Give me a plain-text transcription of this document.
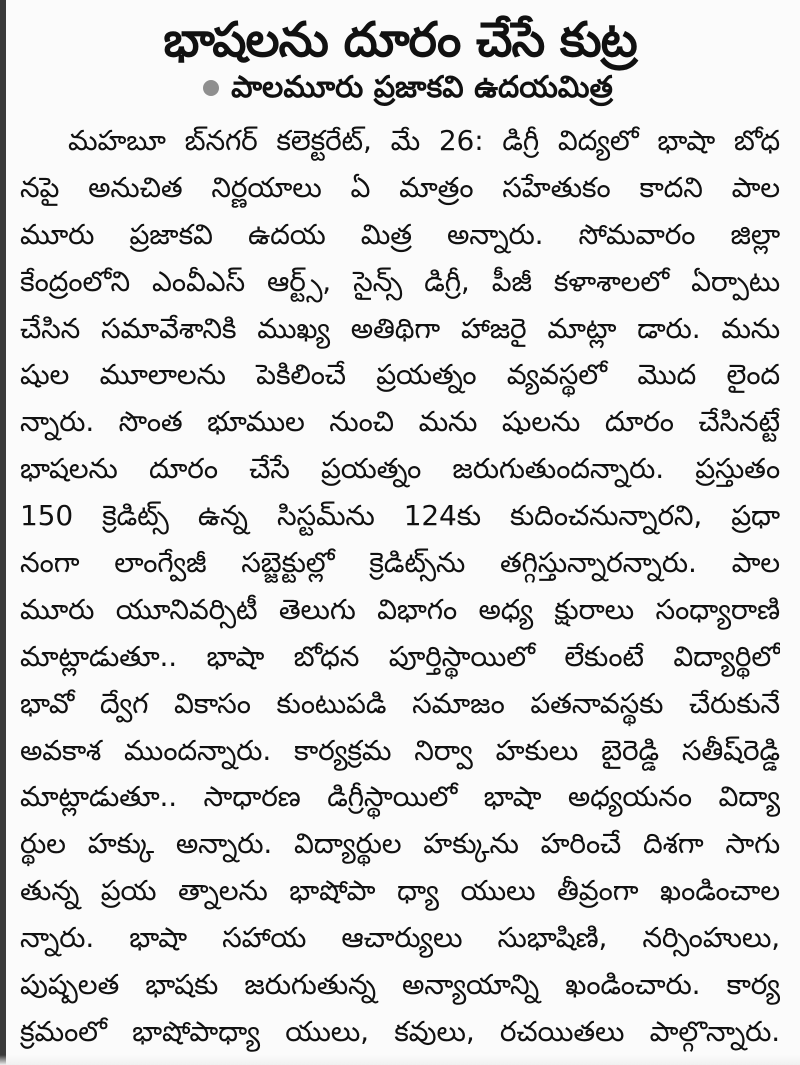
భాషలను దూరం చేసే కుట్ర
పాలమూరు ప్రజాకవి ఉదయమిత్ర
మహబూ బ్‌నగర్ కలెక్టరేట్, మే 26: డిగ్రీ విద్యలో భాషా బోధ
నపై అనుచిత నిర్ణయాలు ఏ మాత్రం సహేతుకం కాదని పాల
మూరు ప్రజాకవి ఉదయ మిత్ర అన్నారు. సోమవారం జిల్లా
కేంద్రంలోని ఎంవీఎస్ ఆర్ట్స్, సైన్స్ డిగ్రీ, పీజీ కళాశాలలో ఏర్పాటు
చేసిన సమావేశానికి ముఖ్య అతిథిగా హాజరై మాట్లా డారు. మను
షుల మూలాలను పెకిలించే ప్రయత్నం వ్యవస్థలో మొద లైంద
న్నారు. సొంత భూముల నుంచి మను షులను దూరం చేసినట్టే
భాషలను దూరం చేసే ప్రయత్నం జరుగుతుందన్నారు. ప్రస్తుతం
150 క్రెడిట్స్ ఉన్న సిస్టమ్‌ను 124కు కుదించనున్నారని, ప్రధా
నంగా లాంగ్వేజీ సబ్జెక్టుల్లో క్రెడిట్స్‌ను తగ్గిస్తున్నారన్నారు. పాల
మూరు యూనివర్సిటీ తెలుగు విభాగం అధ్య క్షురాలు సంధ్యారాణి
మాట్లాడుతూ.. భాషా బోధన పూర్తిస్థాయిలో లేకుంటే విద్యార్థిలో
భావో ద్వేగ వికాసం కుంటుపడి సమాజం పతనావస్థకు చేరుకునే
అవకాశ ముందన్నారు. కార్యక్రమ నిర్వా హకులు బైరెడ్డి సతీష్‌రెడ్డి
మాట్లాడుతూ.. సాధారణ డిగ్రీస్థాయిలో భాషా అధ్యయనం విద్యా
ర్థుల హక్కు అన్నారు. విద్యార్థుల హక్కును హరించే దిశగా సాగు
తున్న ప్రయ త్నాలను భాషోపా ధ్యా యులు తీవ్రంగా ఖండించాల
న్నారు. భాషా సహాయ ఆచార్యులు సుభాషిణి, నర్సింహులు,
పుష్పలత భాషకు జరుగుతున్న అన్యాయాన్ని ఖండించారు. కార్య
క్రమంలో భాషోపాధ్యా యులు, కవులు, రచయితలు పాల్గొన్నారు.
